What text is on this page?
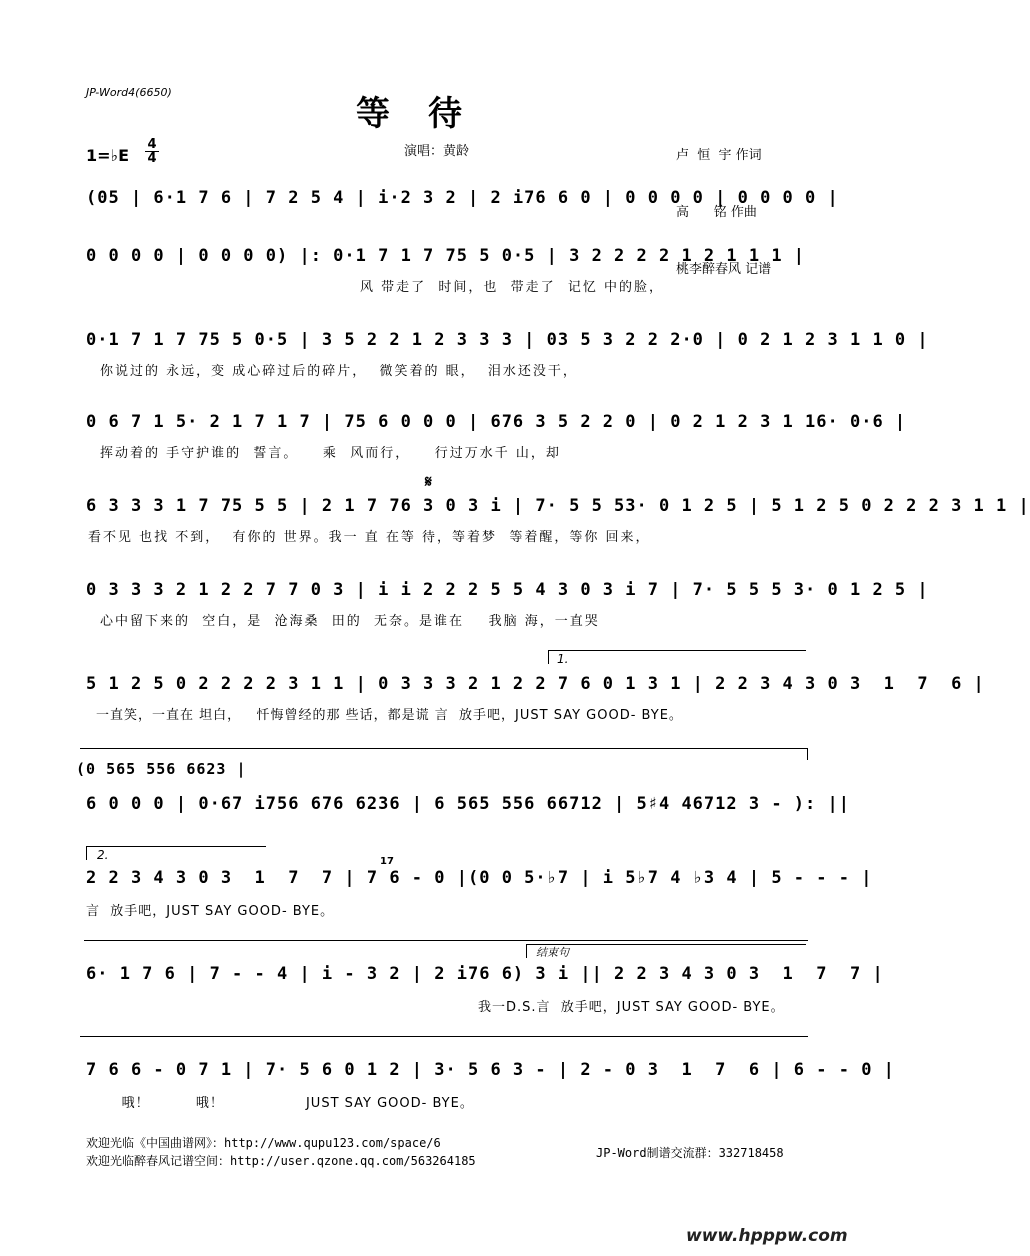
JP-Word4(6650)
等待

卢  恒  宇 作词

高      铭 作曲

桃李醉春风 记谱

1=♭E
4
4	演唱：黄龄
(05 | 6·1 7 6 | 7 2 5 4 | i·2 3 2 | 2 i76 6 0 | 0 0 0 0 | 0 0 0 0 |
0 0 0 0 | 0 0 0 0) |: 0·1 7 1 7 75 5 0·5 | 3 2 2 2 2 1 2 1 1 1 |
风 带走了  时间，也  带走了  记忆 中的脸，
0·1 7 1 7 75 5 0·5 | 3 5 2 2 1 2 3 3 3 | 03 5 3 2 2 2·0 | 0 2 1 2 3 1 1 0 |
你说过的 永远，变 成心碎过后的碎片，  微笑着的 眼，  泪水还没干，
0 6 7 1 5· 2 1 7 1 7 | 75 6 0 0 0 | 676 3 5 2 2 0 | 0 2 1 2 3 1 16· 0·6 |
挥动着的 手守护谁的  誓言。    乘  风而行，    行过万水千 山，却
𝄋
6 3 3 3 1 7 75 5 5 | 2 1 7 76 3 0 3 i | 7· 5 5 53· 0 1 2 5 | 5 1 2 5 0 2 2 2 3 1 1 |
看不见 也找 不到，  有你的 世界。我一 直 在等 待，等着梦  等着醒，等你 回来，
0 3 3 3 2 1 2 2 7 7 0 3 | i i 2 2 2 5 5 4 3 0 3 i 7 | 7· 5 5 5 3· 0 1 2 5 |
心中留下来的  空白，是  沧海桑  田的  无奈。是谁在    我脑 海，一直哭
1.
5 1 2 5 0 2 2 2 2 3 1 1 | 0 3 3 3 2 1 2 2 7 6 0 1 3 1 | 2 2 3 4 3 0 3  1  7  6 |
一直笑，一直在 坦白，   忏悔曾经的那 些话，都是谎 言  放手吧，JUST SAY GOOD- BYE。
(0 565 556 6623 |
6 0 0 0 | 0·67 i756 676 6236 | 6 565 556 66712 | 5♯4 46712 3 - ): ||
2.	17
2 2 3 4 3 0 3  1  7  7 | 7 6 - 0 |(0 0 5·♭7 | i 5♭7 4 ♭3 4 | 5 - - - |
言  放手吧，JUST SAY GOOD- BYE。
结束句
6· 1 7 6 | 7 - - 4 | i - 3 2 | 2 i76 6) 3 i || 2 2 3 4 3 0 3  1  7  7 |
我一D.S.言  放手吧，JUST SAY GOOD- BYE。
7 6 6 - 0 7 1 | 7· 5 6 0 1 2 | 3· 5 6 3 - | 2 - 0 3  1  7  6 | 6 - - 0 |
哦！         哦！                JUST SAY GOOD- BYE。
欢迎光临《中国曲谱网》：http://www.qupu123.com/space/6
欢迎光临醉春风记谱空间：http://user.qzone.qq.com/563264185
JP-Word制谱交流群：332718458
www.hpppw.com
